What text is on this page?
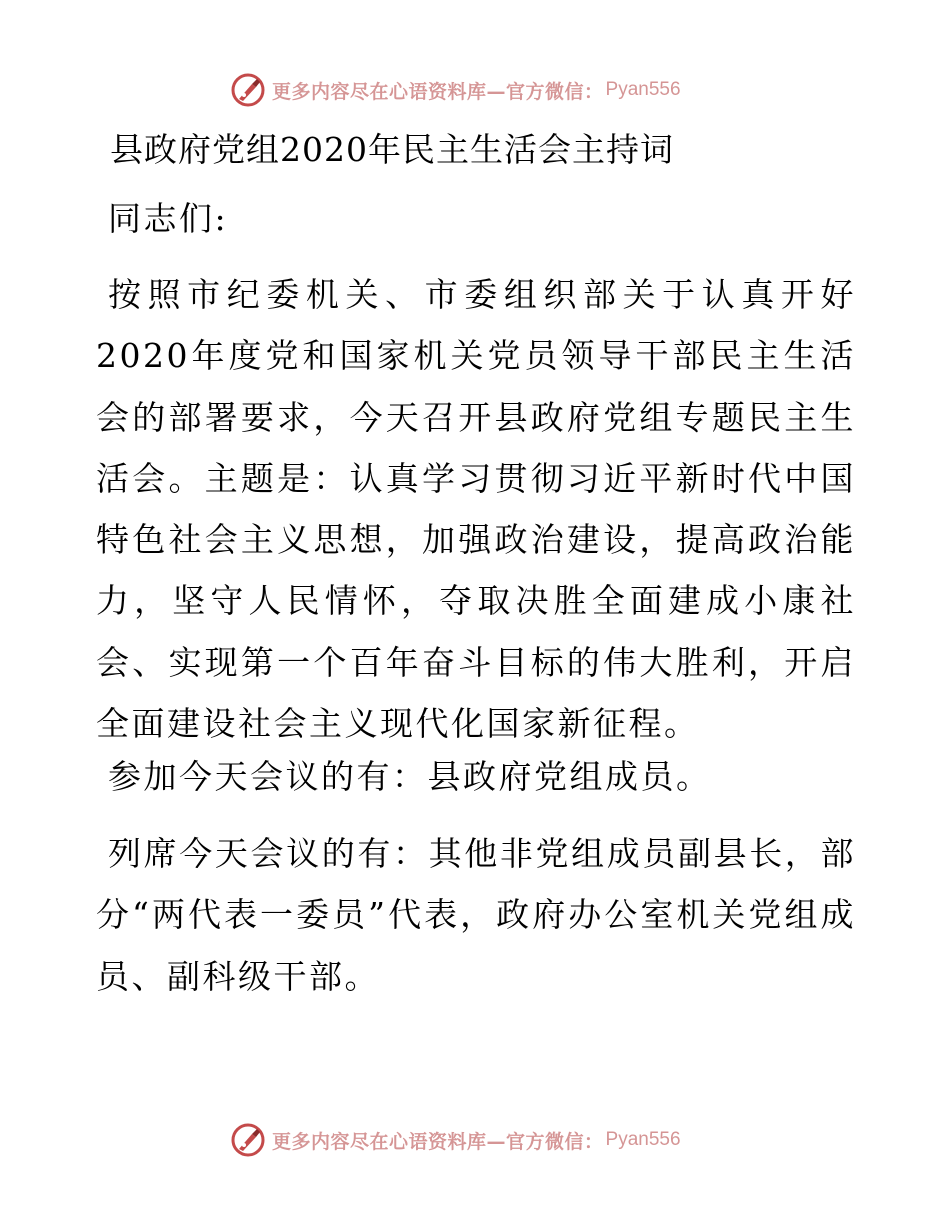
更多内容尽在心语资料库—官方微信： Pyan556
县政府党组2020年民主生活会主持词

同志们:

按照市纪委机关、市委组织部关于认真开好2020年度党和国家机关党员领导干部民主生活会的部署要求，今天召开县政府党组专题民主生活会。主题是：认真学习贯彻习近平新时代中国特色社会主义思想，加强政治建设，提高政治能力，坚守人民情怀，夺取决胜全面建成小康社会、实现第一个百年奋斗目标的伟大胜利，开启全面建设社会主义现代化国家新征程。

参加今天会议的有：县政府党组成员。

列席今天会议的有：其他非党组成员副县长，部分“两代表一委员”代表，政府办公室机关党组成员、副科级干部。

更多内容尽在心语资料库—官方微信： Pyan556
